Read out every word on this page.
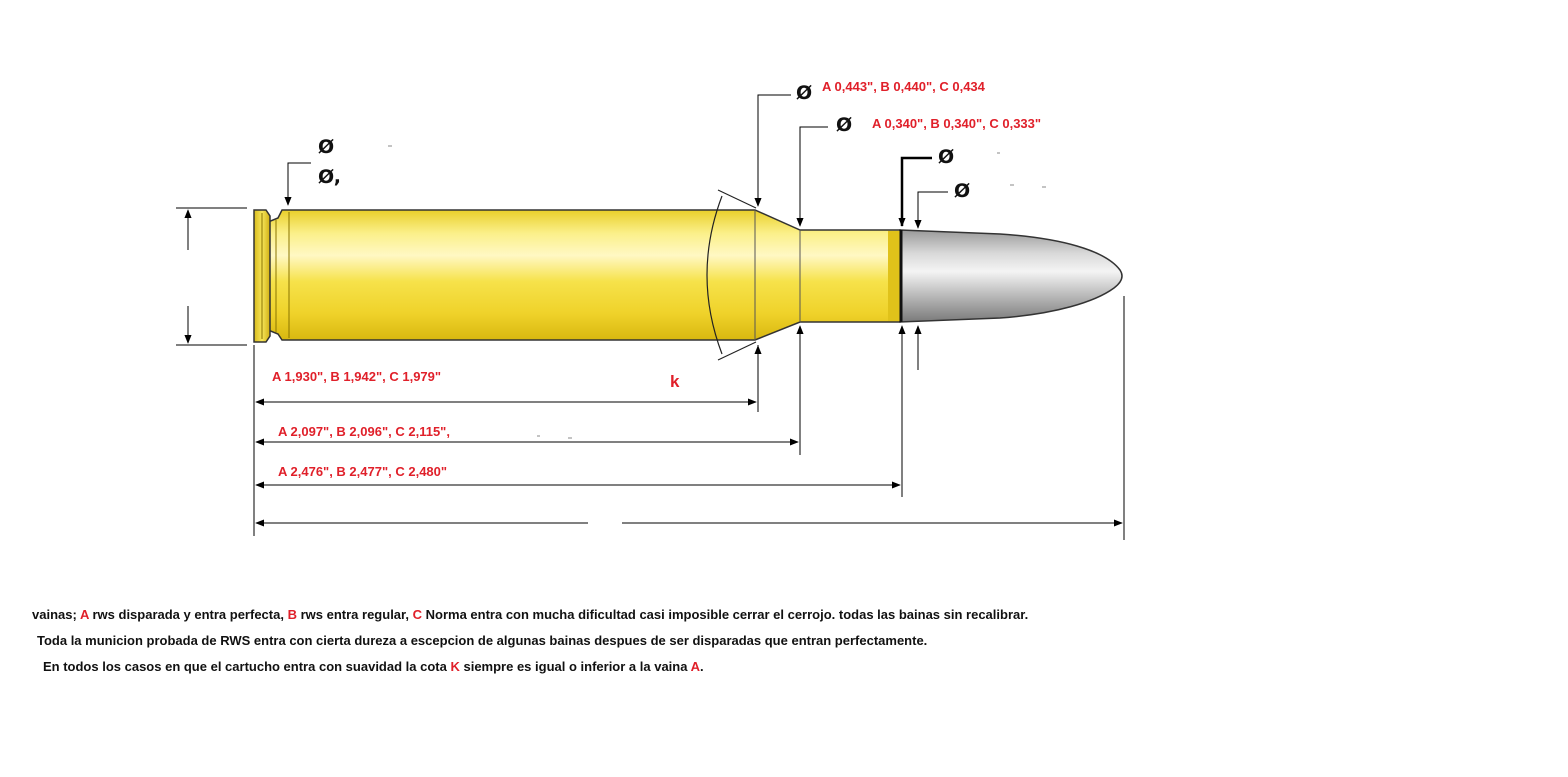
Ø
Ø,
Ø
Ø
Ø
Ø
A 0,443", B 0,440", C 0,434
A 0,340", B 0,340", C 0,333"
A 1,930", B 1,942", C 1,979"	k
A 2,097", B 2,096", C 2,115",
A 2,476", B 2,477", C 2,480"
vainas; A rws disparada y entra perfecta, B rws entra regular, C Norma entra con mucha dificultad casi imposible cerrar el cerrojo. todas las bainas sin recalibrar.
Toda la municion probada de RWS entra con cierta dureza a escepcion de algunas bainas despues de ser disparadas que entran perfectamente.
En todos los casos en que el cartucho entra con suavidad la cota K siempre es igual o inferior a la vaina A.
